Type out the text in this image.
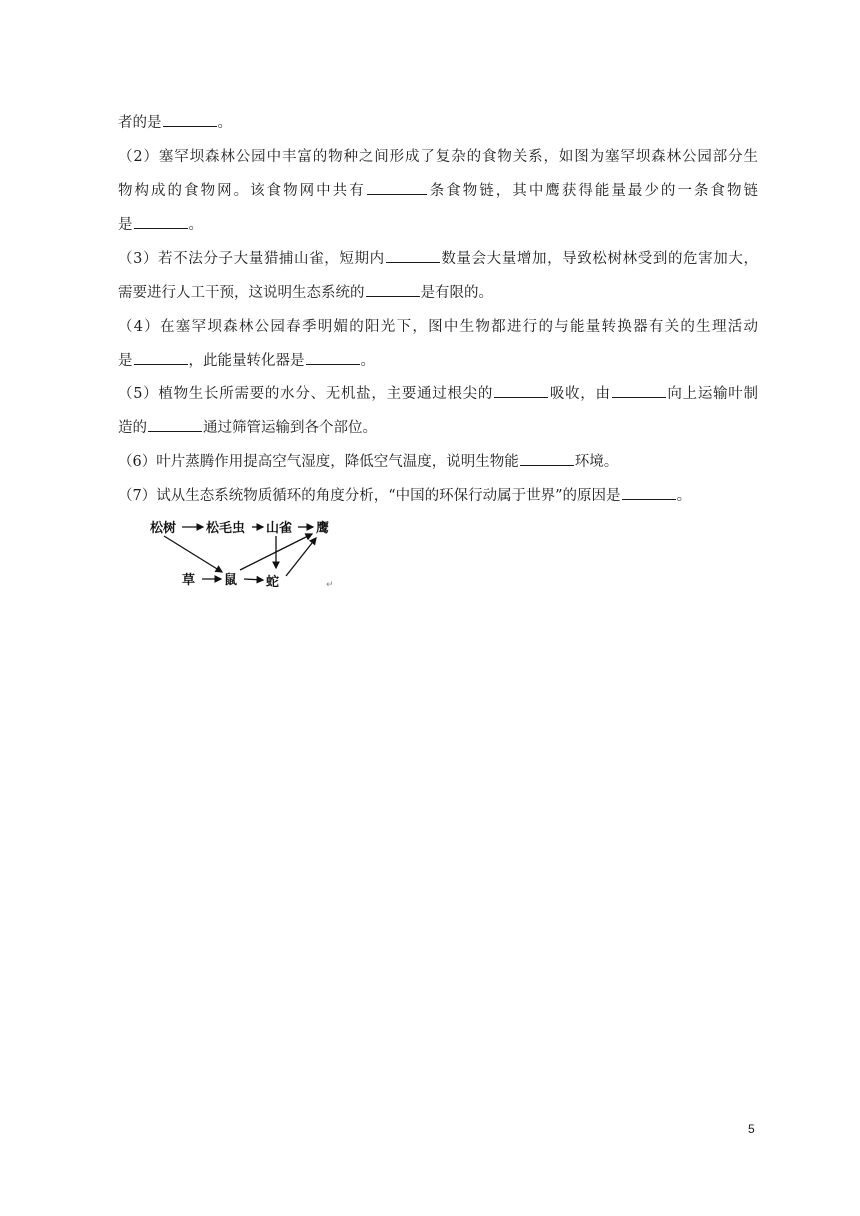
者的是	。
（2）塞罕坝森林公园中丰富的物种之间形成了复杂的食物关系，如图为塞罕坝森林公园部分生
物构成的食物网。该食物网中共有	条食物链，其中鹰获得能量最少的一条食物链
是	。
（3）若不法分子大量猎捕山雀，短期内	数量会大量增加，导致松树林受到的危害加大，
需要进行人工干预，这说明生态系统的	是有限的。
（4）在塞罕坝森林公园春季明媚的阳光下，图中生物都进行的与能量转换器有关的生理活动
是	，此能量转化器是	。
（5）植物生长所需要的水分、无机盐，主要通过根尖的	吸收，由	向上运输叶制
造的	通过筛管运输到各个部位。
（6）叶片蒸腾作用提高空气湿度，降低空气温度，说明生物能	环境。
（7）试从生态系统物质循环的角度分析，“中国的环保行动属于世界”的原因是	。
松树 松毛虫 山雀 鹰
草 鼠 蛇	↵
5
